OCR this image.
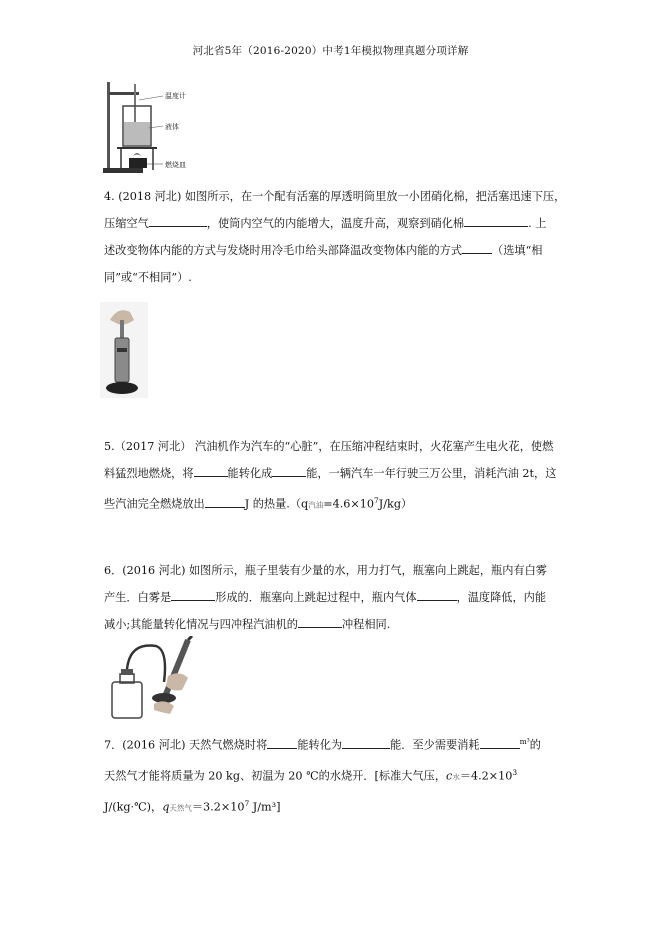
河北省5年（2016-2020）中考1年模拟物理真题分项详解
温度计
液体
燃烧皿

4. (2018 河北) 如图所示，在一个配有活塞的厚透明筒里放一小团硝化棉，把活塞迅速下压，

压缩空气	，使筒内空气的内能增大，温度升高，观察到硝化棉	. 上

述改变物体内能的方式与发烧时用冷毛巾给头部降温改变物体内能的方式	（选填“相

同”或“不相同”）.

5.（2017 河北） 汽油机作为汽车的“心脏”，在压缩冲程结束时，火花塞产生电火花，使燃

料猛烈地燃烧，将	能转化成	能，一辆汽车一年行驶三万公里，消耗汽油 2t，这

些汽油完全燃烧放出	J 的热量.（q汽油$=4.6\times 10^7J/kg$）

6．(2016 河北) 如图所示，瓶子里装有少量的水，用力打气，瓶塞向上跳起，瓶内有白雾

产生．白雾是	形成的．瓶塞向上跳起过程中，瓶内气体	，温度降低，内能

减小;其能量转化情况与四冲程汽油机的	冲程相同.

7．(2016 河北) 天然气燃烧时将	能转化为	能．至少需要消耗	$^{m^3}$的

天然气才能将质量为 20 kg、初温为 20 ℃的水烧开．[标准大气压，c水$=4.2\times 10^3$

J/(kg·℃)，q天然气$=3.2\times 10^7$ J/m³]
